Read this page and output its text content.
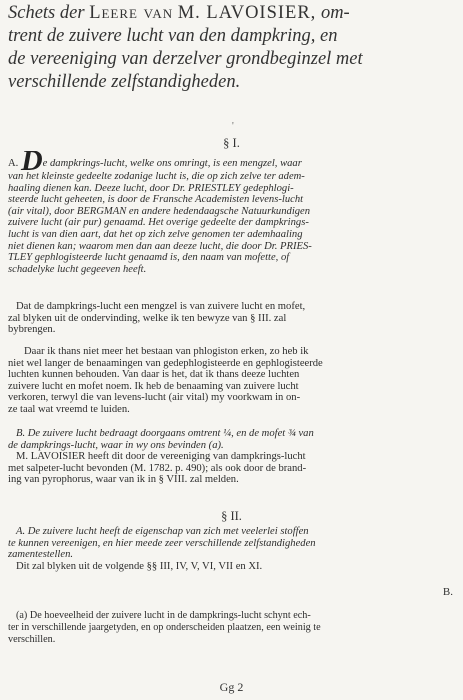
Schets der Leere van M. LAVOISIER, om-
trent de zuivere lucht van den dampkring, en
de vereeniging van derzelver grondbeginzel met
verschillende zelfstandigheden.
'
§ I.
A. De dampkrings-lucht, welke ons omringt, is een mengzel, waar
van het kleinste gedeelte zodanige lucht is, die op zich zelve ter adem-
haaling dienen kan. Deeze lucht, door Dr. PRIESTLEY gedephlogi-
steerde lucht geheeten, is door de Fransche Academisten levens-lucht
(air vital), door BERGMAN en andere hedendaagsche Natuurkundigen
zuivere lucht (air pur) genaamd. Het overige gedeelte der dampkrings-
lucht is van dien aart, dat het op zich zelve genomen ter ademhaaling
niet dienen kan; waarom men dan aan deeze lucht, die door Dr. PRIES-
TLEY gephlogisteerde lucht genaamd is, den naam van mofette, of
schadelyke lucht gegeeven heeft.
Dat de dampkrings-lucht een mengzel is van zuivere lucht en mofet,
zal blyken uit de ondervinding, welke ik ten bewyze van § III. zal
bybrengen.
Daar ik thans niet meer het bestaan van phlogiston erken, zo heb ik
niet wel langer de benaamingen van gedephlogisteerde en gephlogisteerde
luchten kunnen behouden. Van daar is het, dat ik thans deeze luchten
zuivere lucht en mofet noem. Ik heb de benaaming van zuivere lucht
verkoren, terwyl die van levens-lucht (air vital) my voorkwam in on-
ze taal wat vreemd te luiden.
B. De zuivere lucht bedraagt doorgaans omtrent ¼, en de mofet ¾ van
de dampkrings-lucht, waar in wy ons bevinden (a).
M. LAVOISIER heeft dit door de vereeniging van dampkrings-lucht
met salpeter-lucht bevonden (M. 1782. p. 490); als ook door de brand-
ing van pyrophorus, waar van ik in § VIII. zal melden.
§ II.
A. De zuivere lucht heeft de eigenschap van zich met veelerlei stoffen
te kunnen vereenigen, en hier meede zeer verschillende zelfstandigheden
zamentestellen.
Dit zal blyken uit de volgende §§ III, IV, V, VI, VII en XI.
B.
(a) De hoeveelheid der zuivere lucht in de dampkrings-lucht schynt ech-
ter in verschillende jaargetyden, en op onderscheiden plaatzen, een weinig te
verschillen.
Gg 2
